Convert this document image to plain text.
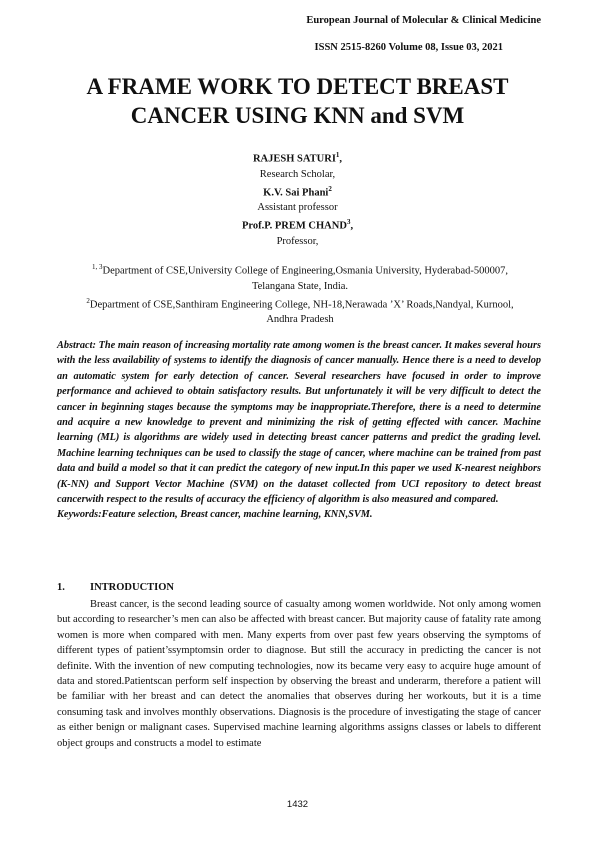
European Journal of Molecular & Clinical Medicine
ISSN 2515-8260 Volume 08, Issue 03, 2021
A FRAME WORK TO DETECT BREAST
CANCER USING KNN and SVM
RAJESH SATURI$^1$,
Research Scholar,
K.V. Sai Phani$^2$
Assistant professor
Prof.P. PREM CHAND$^3$,
Professor,
$^{1, 3}$Department of CSE,University College of Engineering,Osmania University, Hyderabad-500007,
Telangana State, India.
$^2$Department of CSE,Santhiram Engineering College, NH-18,Nerawada ’X’ Roads,Nandyal, Kurnool,
Andhra Pradesh

Abstract: The main reason of increasing mortality rate among women is the breast cancer. It makes several hours with the less availability of systems to identify the diagnosis of cancer manually. Hence there is a need to develop an automatic system for early detection of cancer. Several researchers have focused in order to improve performance and achieved to obtain satisfactory results. But unfortunately it will be very difficult to detect the cancer in beginning stages because the symptoms may be inappropriate.Therefore, there is a need to determine and acquire a new knowledge to prevent and minimizing the risk of getting effected with cancer. Machine learning (ML) is algorithms are widely used in detecting breast cancer patterns and predict the grading level. Machine learning techniques can be used to classify the stage of cancer, where machine can be trained from past data and build a model so that it can predict the category of new input.In this paper we used K-nearest neighbors (K-NN) and Support Vector Machine (SVM) on the dataset collected from UCI repository to detect breast cancerwith respect to the results of accuracy the efficiency of algorithm is also measured and compared.

Keywords:Feature selection, Breast cancer, machine learning, KNN,SVM.

1. INTRODUCTION

Breast cancer, is the second leading source of casualty among women worldwide. Not only among women but according to researcher’s men can also be affected with breast cancer. But majority cause of fatality rate among women is more when compared with men. Many experts from over past few years observing the symptoms of different types of patient’ssymptomsin order to diagnose. But still the accuracy in predicting the cancer is not definite. With the invention of new computing technologies, now its became very easy to acquire huge amount of data and stored.Patientscan perform self inspection by observing the breast and underarm, therefore a patient will be familiar with her breast and can detect the anomalies that observes during her workouts, but it is a time consuming task and involves monthly observations. Diagnosis is the procedure of investigating the stage of cancer as either benign or malignant cases. Supervised machine learning algorithms assigns classes or labels to different object groups and constructs a model to estimate

1432
